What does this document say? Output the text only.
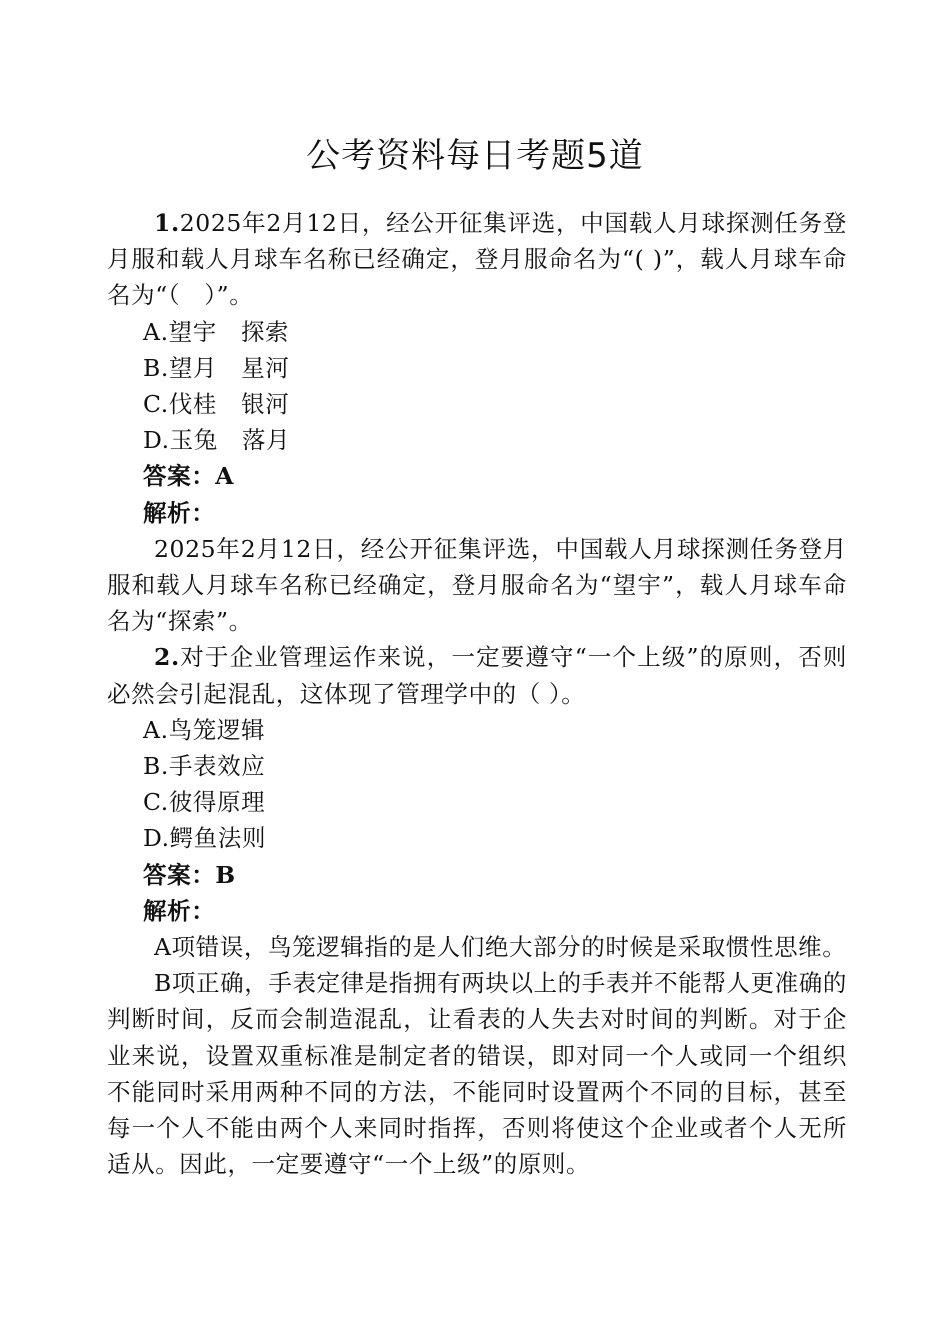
公考资料每日考题5道

1.2025年2月12日，经公开征集评选，中国载人月球探测任务登月服和载人月球车名称已经确定，登月服命名为“( )”，载人月球车命名为“（　）”。

A.望宇　探索

B.望月　星河

C.伐桂　银河

D.玉兔　落月

答案：A

解析：

2025年2月12日，经公开征集评选，中国载人月球探测任务登月服和载人月球车名称已经确定，登月服命名为“望宇”，载人月球车命名为“探索”。

2.对于企业管理运作来说，一定要遵守“一个上级”的原则，否则必然会引起混乱，这体现了管理学中的（ ）。

A.鸟笼逻辑

B.手表效应

C.彼得原理

D.鳄鱼法则

答案：B

解析：

A项错误，鸟笼逻辑指的是人们绝大部分的时候是采取惯性思维。

B项正确，手表定律是指拥有两块以上的手表并不能帮人更准确的判断时间，反而会制造混乱，让看表的人失去对时间的判断。对于企业来说，设置双重标准是制定者的错误，即对同一个人或同一个组织不能同时采用两种不同的方法，不能同时设置两个不同的目标，甚至每一个人不能由两个人来同时指挥，否则将使这个企业或者个人无所适从。因此，一定要遵守“一个上级”的原则。
